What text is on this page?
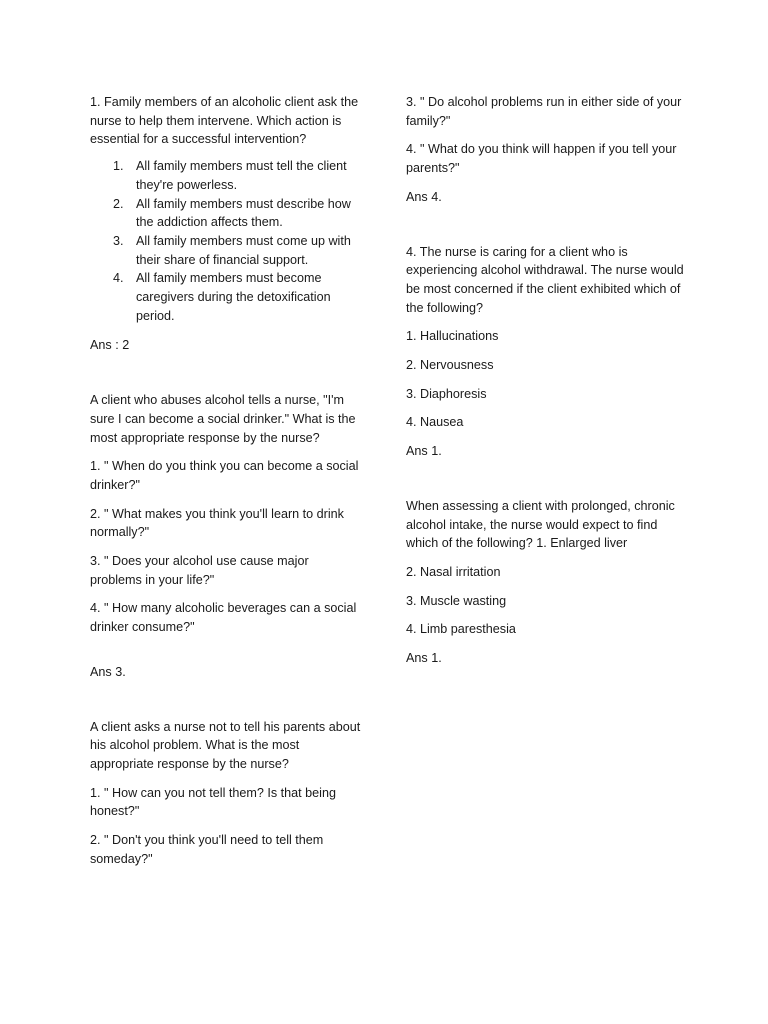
1. Family members of an alcoholic client ask the nurse to help them intervene. Which action is essential for a successful intervention?

1. All family members must tell the client they're powerless.
2. All family members must describe how the addiction affects them.
3. All family members must come up with their share of financial support.
4. All family members must become caregivers during the detoxification period.

Ans : 2

A client who abuses alcohol tells a nurse, "I'm sure I can become a social drinker." What is the most appropriate response by the nurse?

1. " When do you think you can become a social drinker?"

2. " What makes you think you'll learn to drink normally?"

3. " Does your alcohol use cause major problems in your life?"

4. " How many alcoholic beverages can a social drinker consume?"

Ans 3.

A client asks a nurse not to tell his parents about his alcohol problem. What is the most appropriate response by the nurse?

1. " How can you not tell them? Is that being honest?"

2. " Don't you think you'll need to tell them someday?"

3. " Do alcohol problems run in either side of your family?"

4. " What do you think will happen if you tell your parents?"

Ans 4.

4. The nurse is caring for a client who is experiencing alcohol withdrawal. The nurse would be most concerned if the client exhibited which of the following?

1. Hallucinations

2. Nervousness

3. Diaphoresis

4. Nausea

Ans 1.

When assessing a client with prolonged, chronic alcohol intake, the nurse would expect to find which of the following? 1. Enlarged liver

2. Nasal irritation

3. Muscle wasting

4. Limb paresthesia

Ans 1.
